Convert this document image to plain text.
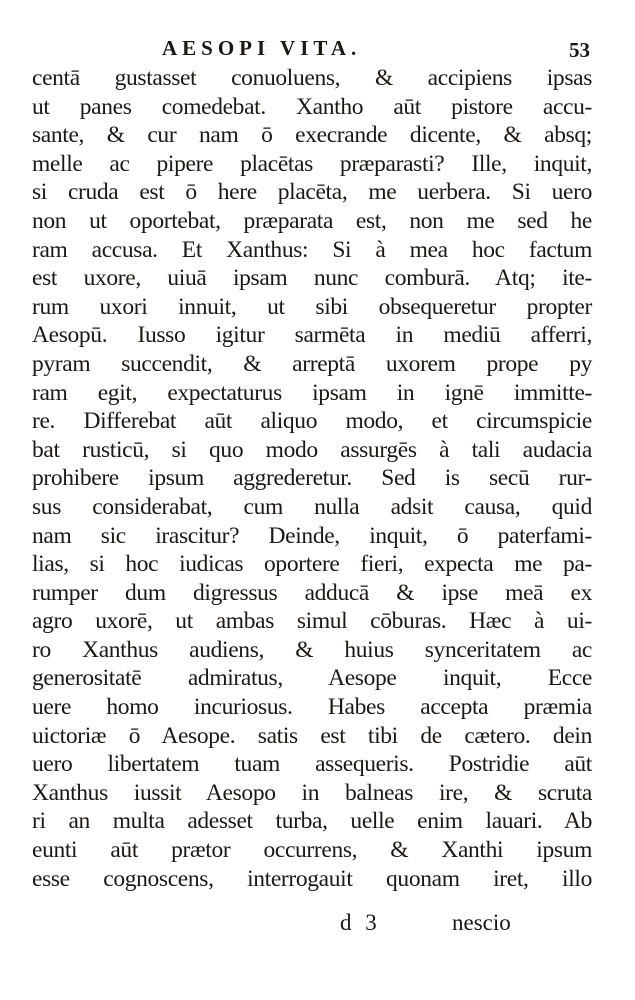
AESOPI VITA.	53
centā gustasset conuoluens, & accipiens ipsas
ut panes comedebat. Xantho aūt pistore accu-
sante, & cur nam ō execrande dicente, & absq;
melle ac pipere placētas præparasti? Ille, inquit,
si cruda est ō here placēta, me uerbera. Si uero
non ut oportebat, præparata est, non me sed he
ram accusa. Et Xanthus: Si à mea hoc factum
est uxore, uiuā ipsam nunc comburā. Atq; ite-
rum uxori innuit, ut sibi obsequeretur propter
Aesopū. Iusso igitur sarmēta in mediū afferri,
pyram succendit, & arreptā uxorem prope py
ram egit, expectaturus ipsam in ignē immitte-
re. Differebat aūt aliquo modo, et circumspicie
bat rusticū, si quo modo assurgēs à tali audacia
prohibere ipsum aggrederetur. Sed is secū rur-
sus considerabat, cum nulla adsit causa, quid
nam sic irascitur? Deinde, inquit, ō paterfami-
lias, si hoc iudicas oportere fieri, expecta me pa-
rumper dum digressus adducā & ipse meā ex
agro uxorē, ut ambas simul cōburas. Hæc à ui-
ro Xanthus audiens, & huius synceritatem ac
generositatē admiratus, Aesope inquit, Ecce
uere homo incuriosus. Habes accepta præmia
uictoriæ ō Aesope. satis est tibi de cætero. dein
uero libertatem tuam assequeris. Postridie aūt
Xanthus iussit Aesopo in balneas ire, & scruta
ri an multa adesset turba, uelle enim lauari. Ab
eunti aūt prætor occurrens, & Xanthi ipsum
esse cognoscens, interrogauit quonam iret, illo
d 3	nescio
